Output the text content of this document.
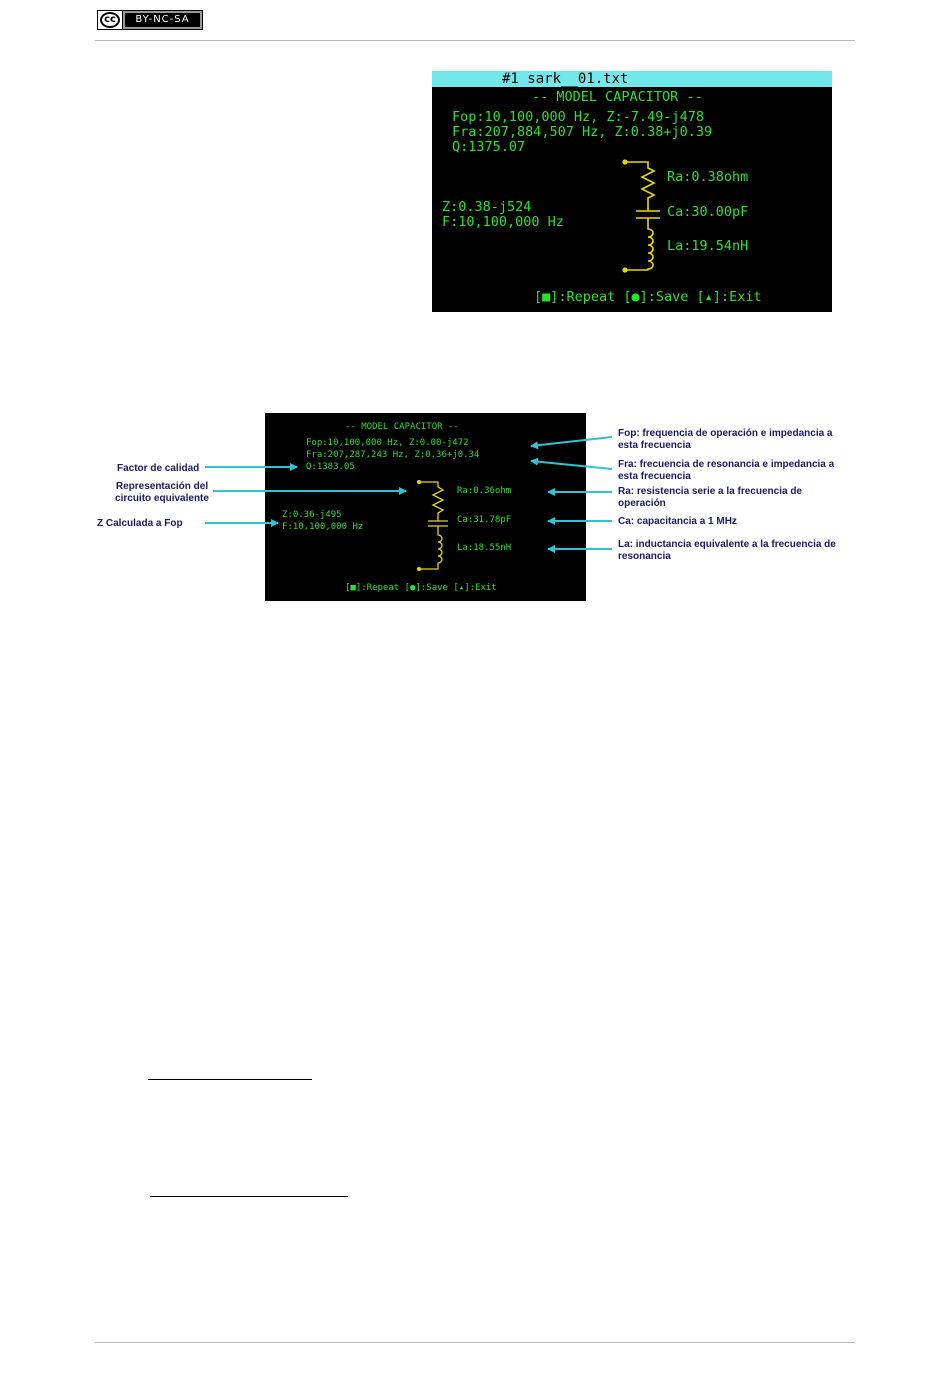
cc	BY-NC-SA
#1 sark__01.txt
-- MODEL CAPACITOR --
Fop:10,100,000 Hz, Z:-7.49-j478
Fra:207,884,507 Hz, Z:0.38+j0.39
Q:1375.07
Z:0.38-j524
F:10,100,000 Hz
Ra:0.38ohm
Ca:30.00pF
La:19.54nH
[■]:Repeat [●]:Save [▴]:Exit
-- MODEL CAPACITOR --
Fop:10,100,000 Hz, Z:0.00-j472
Fra:207,287,243 Hz, Z:0.36+j0.34
Q:1383.05
Z:0.36-j495
F:10,100,000 Hz
Ra:0.36ohm
Ca:31.78pF
La:18.55nH
[■]:Repeat [●]:Save [▴]:Exit
Factor de calidad
Representación del
circuito equivalente
Z Calculada a Fop
Fop: frequencia de operación e impedancia a
esta frecuencia
Fra: frecuencia de resonancia e impedancia a
esta frecuencia
Ra: resistencia serie a la frecuencia de
operación
Ca: capacitancia a 1 MHz
La: inductancia equivalente a la frecuencia de
resonancia
